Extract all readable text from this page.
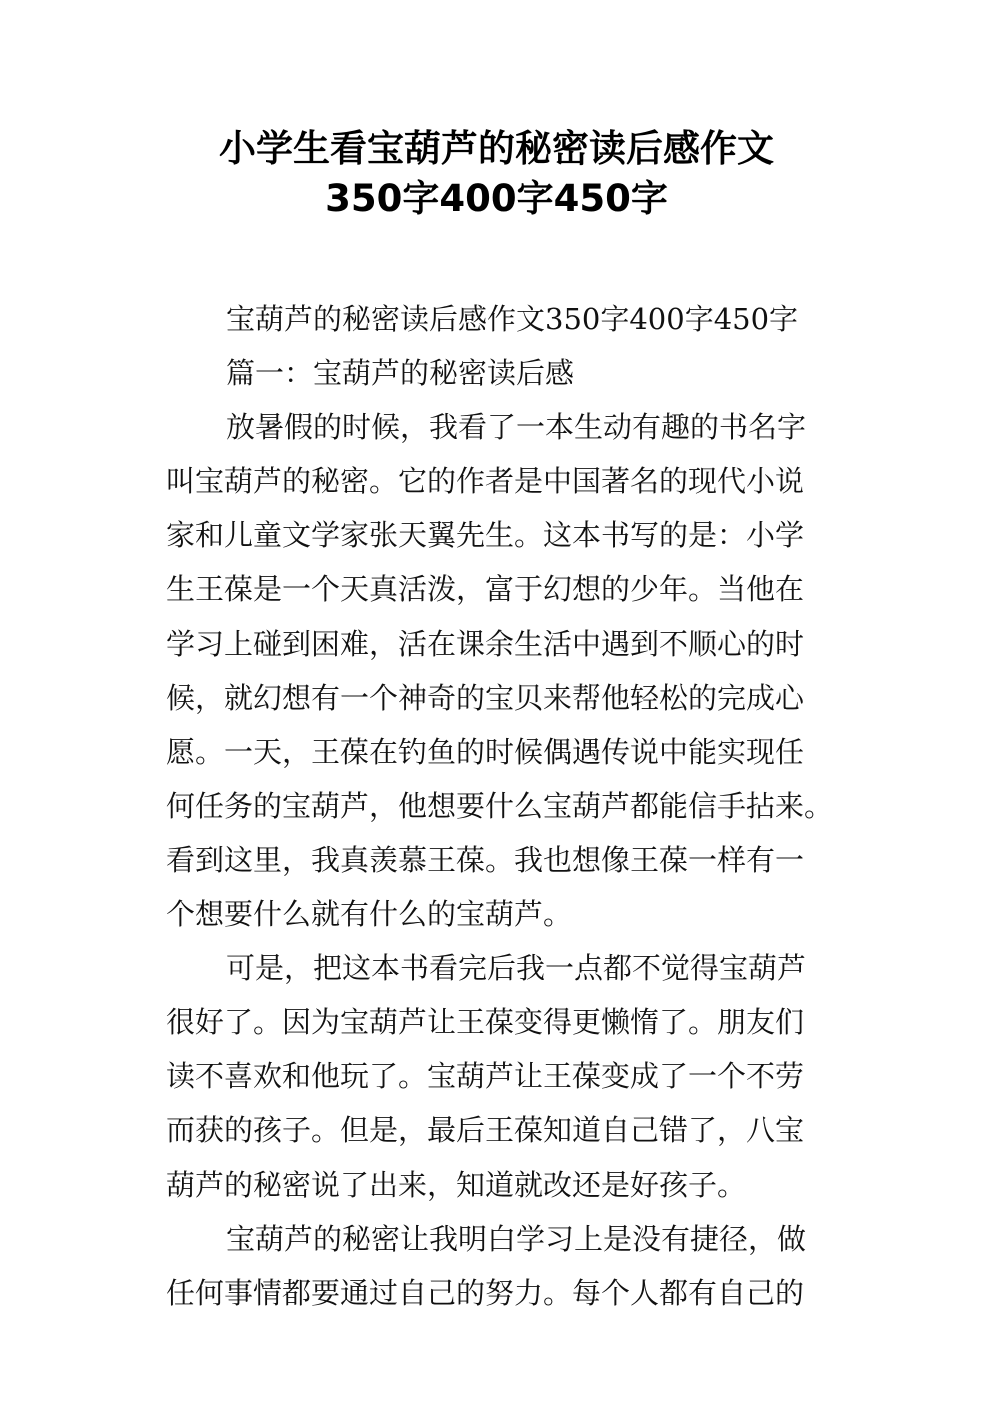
小学生看宝葫芦的秘密读后感作文
350字400字450字
宝葫芦的秘密读后感作文350字400字450字
篇一：宝葫芦的秘密读后感
放暑假的时候，我看了一本生动有趣的书名字
叫宝葫芦的秘密。它的作者是中国著名的现代小说
家和儿童文学家张天翼先生。这本书写的是：小学
生王葆是一个天真活泼，富于幻想的少年。当他在
学习上碰到困难，活在课余生活中遇到不顺心的时
候，就幻想有一个神奇的宝贝来帮他轻松的完成心
愿。一天，王葆在钓鱼的时候偶遇传说中能实现任
何任务的宝葫芦，他想要什么宝葫芦都能信手拈来。
看到这里，我真羡慕王葆。我也想像王葆一样有一
个想要什么就有什么的宝葫芦。
可是，把这本书看完后我一点都不觉得宝葫芦
很好了。因为宝葫芦让王葆变得更懒惰了。朋友们
读不喜欢和他玩了。宝葫芦让王葆变成了一个不劳
而获的孩子。但是，最后王葆知道自己错了，八宝
葫芦的秘密说了出来，知道就改还是好孩子。
宝葫芦的秘密让我明白学习上是没有捷径，做
任何事情都要通过自己的努力。每个人都有自己的
